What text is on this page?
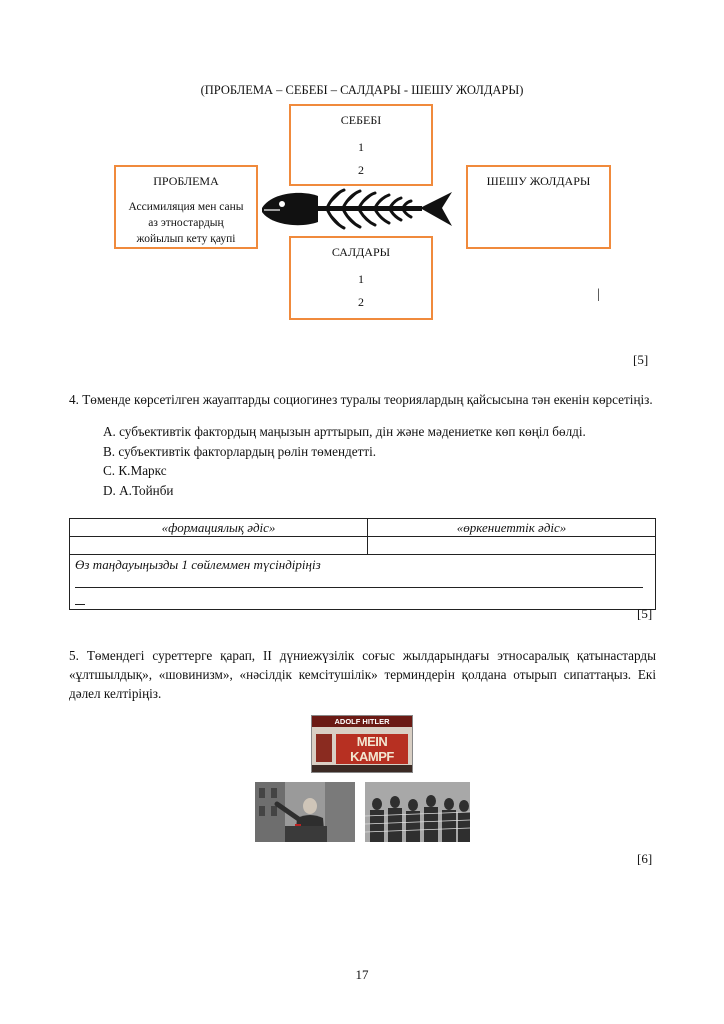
(ПРОБЛЕМА – СЕБЕБІ – САЛДАРЫ - ШЕШУ ЖОЛДАРЫ)
СЕБЕБІ
1
2
ПРОБЛЕМА
Ассимиляция мен саны
аз этностардың
жойылып кету қаупі
ШЕШУ ЖОЛДАРЫ
САЛДАРЫ
1
2	|
[5]
4. Төменде көрсетілген жауаптарды социогинез туралы теориялардың қайсысына тән екенін көрсетіңіз.
A. субъективтік фактордың маңызын арттырып, дін және мәдениетке көп көңіл бөлді.
B. субъективтік факторлардың рөлін төмендетті.
C. К.Маркс
D. А.Тойнби
«формациялық әдіс»	«өркениеттік әдіс»

Өз таңдауыңызды 1 сөйлеммен түсіндіріңіз	
[5]
5. Төмендегі суреттерге қарап, ІІ дүниежүзілік соғыс жылдарындағы этносаралық қатынастарды «ұлтшылдық», «шовинизм», «нәсілдік кемсітушілік» терминдерін қолдана отырып сипаттаңыз. Екі дәлел келтіріңіз.
ADOLF HITLER
MEIN KAMPF
[6]
17
